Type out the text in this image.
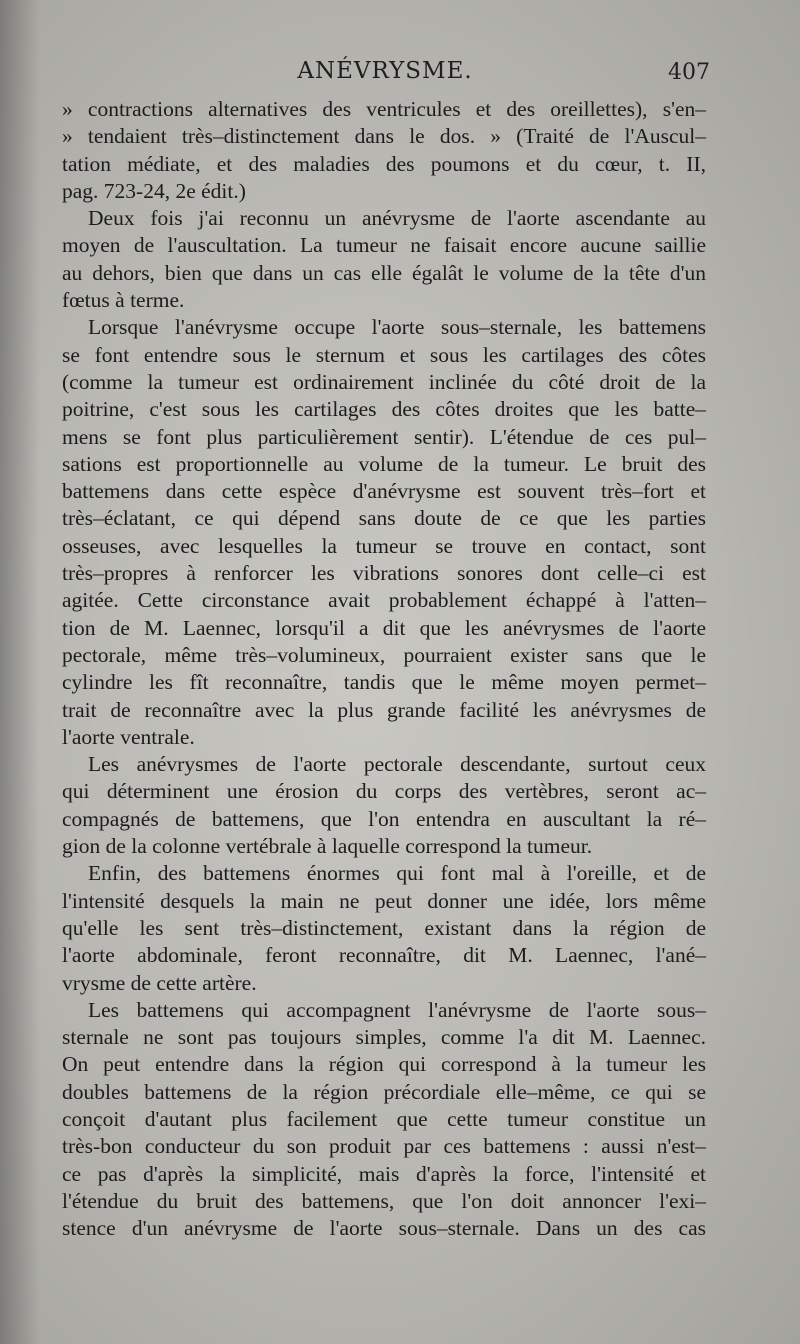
ANÉVRYSME.	407
» contractions alternatives des ventricules et des oreillettes), s'en–
» tendaient très–distinctement dans le dos. » (Traité de l'Auscul–
tation médiate, et des maladies des poumons et du cœur, t. II,
pag. 723-24, 2e édit.)
Deux fois j'ai reconnu un anévrysme de l'aorte ascendante au
moyen de l'auscultation. La tumeur ne faisait encore aucune saillie
au dehors, bien que dans un cas elle égalât le volume de la tête d'un
fœtus à terme.
Lorsque l'anévrysme occupe l'aorte sous–sternale, les battemens
se font entendre sous le sternum et sous les cartilages des côtes
(comme la tumeur est ordinairement inclinée du côté droit de la
poitrine, c'est sous les cartilages des côtes droites que les batte–
mens se font plus particulièrement sentir). L'étendue de ces pul–
sations est proportionnelle au volume de la tumeur. Le bruit des
battemens dans cette espèce d'anévrysme est souvent très–fort et
très–éclatant, ce qui dépend sans doute de ce que les parties
osseuses, avec lesquelles la tumeur se trouve en contact, sont
très–propres à renforcer les vibrations sonores dont celle–ci est
agitée. Cette circonstance avait probablement échappé à l'atten–
tion de M. Laennec, lorsqu'il a dit que les anévrysmes de l'aorte
pectorale, même très–volumineux, pourraient exister sans que le
cylindre les fît reconnaître, tandis que le même moyen permet–
trait de reconnaître avec la plus grande facilité les anévrysmes de
l'aorte ventrale.
Les anévrysmes de l'aorte pectorale descendante, surtout ceux
qui déterminent une érosion du corps des vertèbres, seront ac–
compagnés de battemens, que l'on entendra en auscultant la ré–
gion de la colonne vertébrale à laquelle correspond la tumeur.
Enfin, des battemens énormes qui font mal à l'oreille, et de
l'intensité desquels la main ne peut donner une idée, lors même
qu'elle les sent très–distinctement, existant dans la région de
l'aorte abdominale, feront reconnaître, dit M. Laennec, l'ané–
vrysme de cette artère.
Les battemens qui accompagnent l'anévrysme de l'aorte sous–
sternale ne sont pas toujours simples, comme l'a dit M. Laennec.
On peut entendre dans la région qui correspond à la tumeur les
doubles battemens de la région précordiale elle–même, ce qui se
conçoit d'autant plus facilement que cette tumeur constitue un
très-bon conducteur du son produit par ces battemens : aussi n'est–
ce pas d'après la simplicité, mais d'après la force, l'intensité et
l'étendue du bruit des battemens, que l'on doit annoncer l'exi–
stence d'un anévrysme de l'aorte sous–sternale. Dans un des cas
